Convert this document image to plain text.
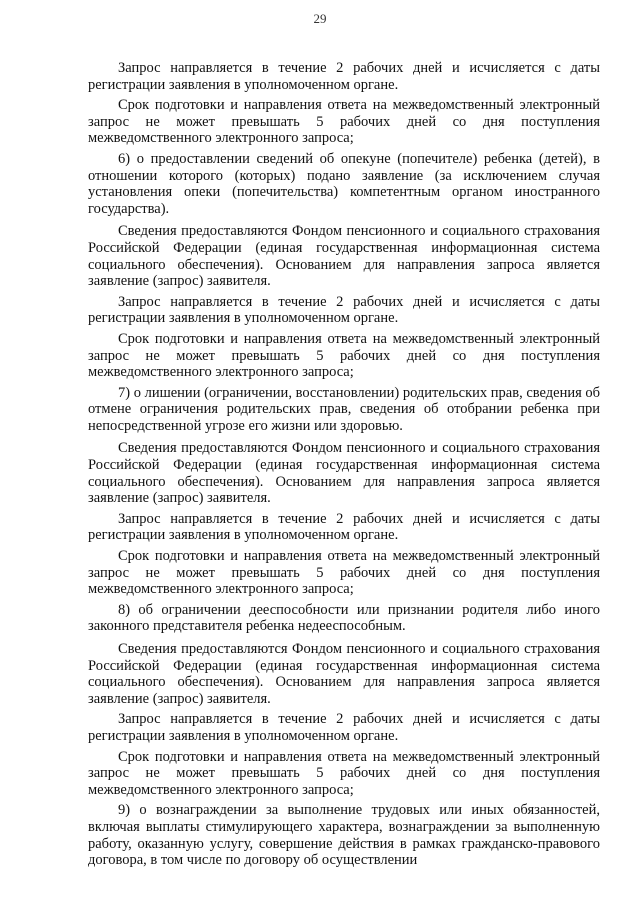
29

Запрос направляется в течение 2 рабочих дней и исчисляется с даты регистрации заявления в уполномоченном органе.

Срок подготовки и направления ответа на межведомственный электронный запрос не может превышать 5 рабочих дней со дня поступления межведомственного электронного запроса;

6) о предоставлении сведений об опекуне (попечителе) ребенка (детей), в отношении которого (которых) подано заявление (за исключением случая установления опеки (попечительства) компетентным органом иностранного государства).

Сведения предоставляются Фондом пенсионного и социального страхования Российской Федерации (единая государственная информационная система социального обеспечения). Основанием для направления запроса является заявление (запрос) заявителя.

Запрос направляется в течение 2 рабочих дней и исчисляется с даты регистрации заявления в уполномоченном органе.

Срок подготовки и направления ответа на межведомственный электронный запрос не может превышать 5 рабочих дней со дня поступления межведомственного электронного запроса;

7) о лишении (ограничении, восстановлении) родительских прав, сведения об отмене ограничения родительских прав, сведения об отобрании ребенка при непосредственной угрозе его жизни или здоровью.

Сведения предоставляются Фондом пенсионного и социального страхования Российской Федерации (единая государственная информационная система социального обеспечения). Основанием для направления запроса является заявление (запрос) заявителя.

Запрос направляется в течение 2 рабочих дней и исчисляется с даты регистрации заявления в уполномоченном органе.

Срок подготовки и направления ответа на межведомственный электронный запрос не может превышать 5 рабочих дней со дня поступления межведомственного электронного запроса;

8) об ограничении дееспособности или признании родителя либо иного законного представителя ребенка недееспособным.

Сведения предоставляются Фондом пенсионного и социального страхования Российской Федерации (единая государственная информационная система социального обеспечения). Основанием для направления запроса является заявление (запрос) заявителя.

Запрос направляется в течение 2 рабочих дней и исчисляется с даты регистрации заявления в уполномоченном органе.

Срок подготовки и направления ответа на межведомственный электронный запрос не может превышать 5 рабочих дней со дня поступления межведомственного электронного запроса;

9) о вознаграждении за выполнение трудовых или иных обязанностей, включая выплаты стимулирующего характера, вознаграждении за выполненную работу, оказанную услугу, совершение действия в рамках гражданско-правового договора, в том числе по договору об осуществлении
